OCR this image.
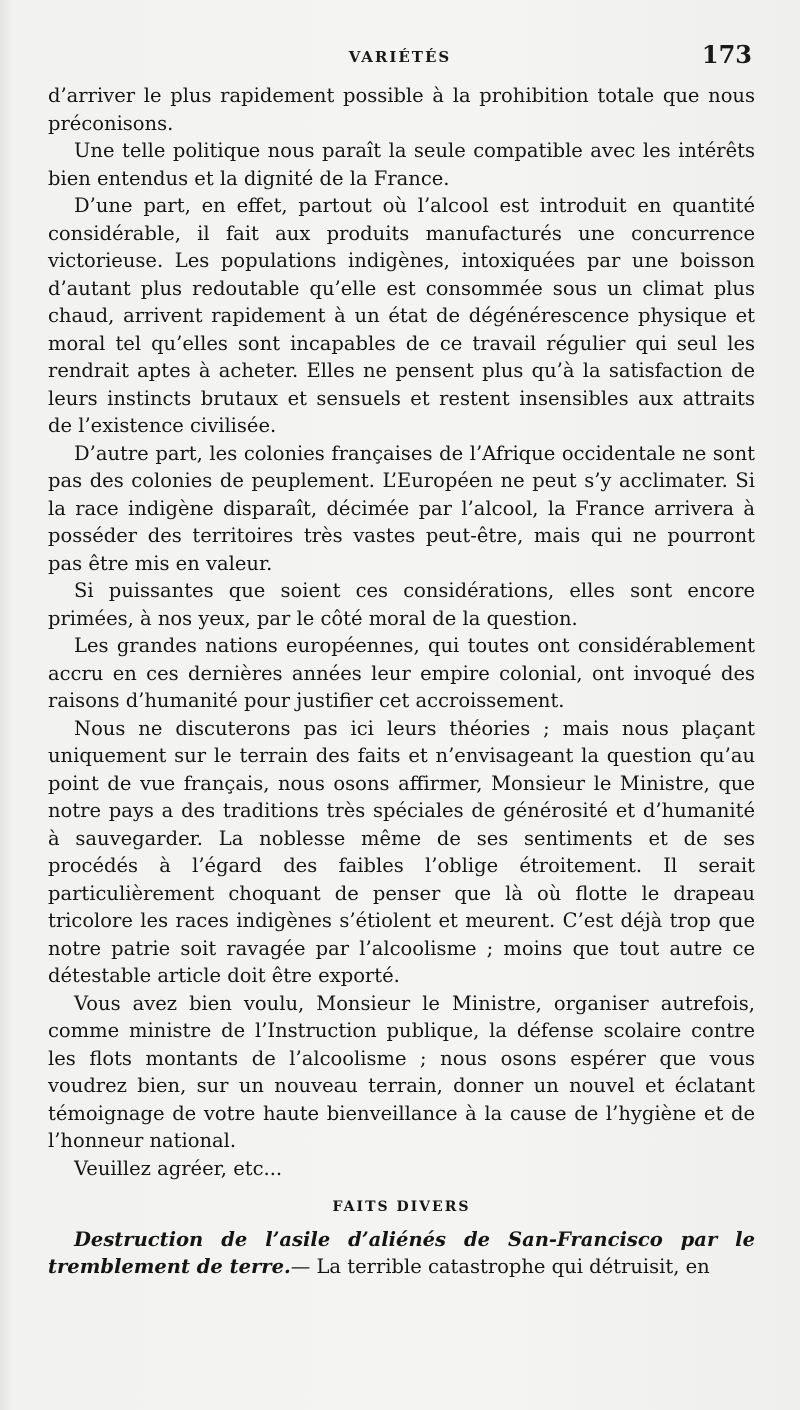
VARIÉTÉS	173

d’arriver le plus rapidement possible à la prohibition totale que nous préconisons.

Une telle politique nous paraît la seule compatible avec les intérêts bien entendus et la dignité de la France.

D’une part, en effet, partout où l’alcool est introduit en quantité considérable, il fait aux produits manufacturés une concurrence victorieuse. Les populations indigènes, intoxiquées par une boisson d’autant plus redoutable qu’elle est consommée sous un climat plus chaud, arrivent rapidement à un état de dégénérescence physique et moral tel qu’elles sont incapables de ce travail régulier qui seul les rendrait aptes à acheter. Elles ne pensent plus qu’à la satisfaction de leurs instincts brutaux et sensuels et restent insensibles aux attraits de l’existence civilisée.

D’autre part, les colonies françaises de l’Afrique occidentale ne sont pas des colonies de peuplement. L’Européen ne peut s’y acclimater. Si la race indigène disparaît, décimée par l’alcool, la France arrivera à posséder des territoires très vastes peut-être, mais qui ne pourront pas être mis en valeur.

Si puissantes que soient ces considérations, elles sont encore primées, à nos yeux, par le côté moral de la question.

Les grandes nations européennes, qui toutes ont considérablement accru en ces dernières années leur empire colonial, ont invoqué des raisons d’humanité pour justifier cet accroissement.

Nous ne discuterons pas ici leurs théories ; mais nous plaçant uniquement sur le terrain des faits et n’envisageant la question qu’au point de vue français, nous osons affirmer, Monsieur le Ministre, que notre pays a des traditions très spéciales de générosité et d’humanité à sauvegarder. La noblesse même de ses sentiments et de ses procédés à l’égard des faibles l’oblige étroitement. Il serait particulièrement choquant de penser que là où flotte le drapeau tricolore les races indigènes s’étiolent et meurent. C’est déjà trop que notre patrie soit ravagée par l’alcoolisme ; moins que tout autre ce détestable article doit être exporté.

Vous avez bien voulu, Monsieur le Ministre, organiser autrefois, comme ministre de l’Instruction publique, la défense scolaire contre les flots montants de l’alcoolisme ; nous osons espérer que vous voudrez bien, sur un nouveau terrain, donner un nouvel et éclatant témoignage de votre haute bienveillance à la cause de l’hygiène et de l’honneur national.

Veuillez agréer, etc...

FAITS DIVERS

Destruction de l’asile d’aliénés de San-Francisco par le tremblement de terre.— La terrible catastrophe qui détruisit, en
